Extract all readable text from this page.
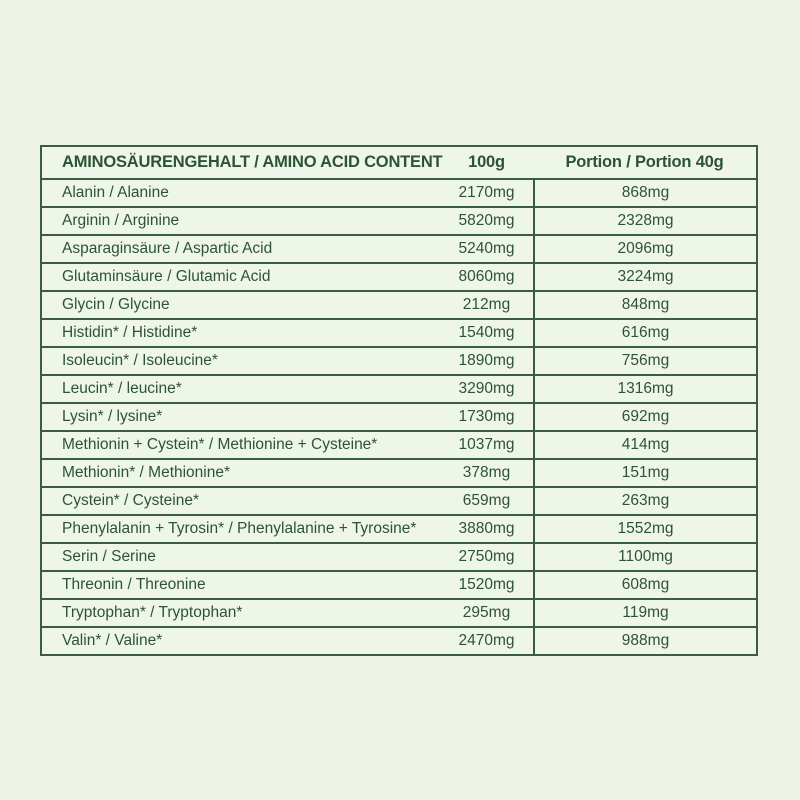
AMINOSÄURENGEHALT / AMINO ACID CONTENT	100g	Portion / Portion 40g
Alanin / Alanine	2170mg	868mg
Arginin / Arginine	5820mg	2328mg
Asparaginsäure / Aspartic Acid	5240mg	2096mg
Glutaminsäure / Glutamic Acid	8060mg	3224mg
Glycin / Glycine	212mg	848mg
Histidin* / Histidine*	1540mg	616mg
Isoleucin* / Isoleucine*	1890mg	756mg
Leucin* / leucine*	3290mg	1316mg
Lysin* / lysine*	1730mg	692mg
Methionin + Cystein* / Methionine + Cysteine*	1037mg	414mg
Methionin* / Methionine*	378mg	151mg
Cystein* / Cysteine*	659mg	263mg
Phenylalanin + Tyrosin* / Phenylalanine + Tyrosine*	3880mg	1552mg
Serin / Serine	2750mg	1100mg
Threonin / Threonine	1520mg	608mg
Tryptophan* / Tryptophan*	295mg	119mg
Valin* / Valine*	2470mg	988mg
